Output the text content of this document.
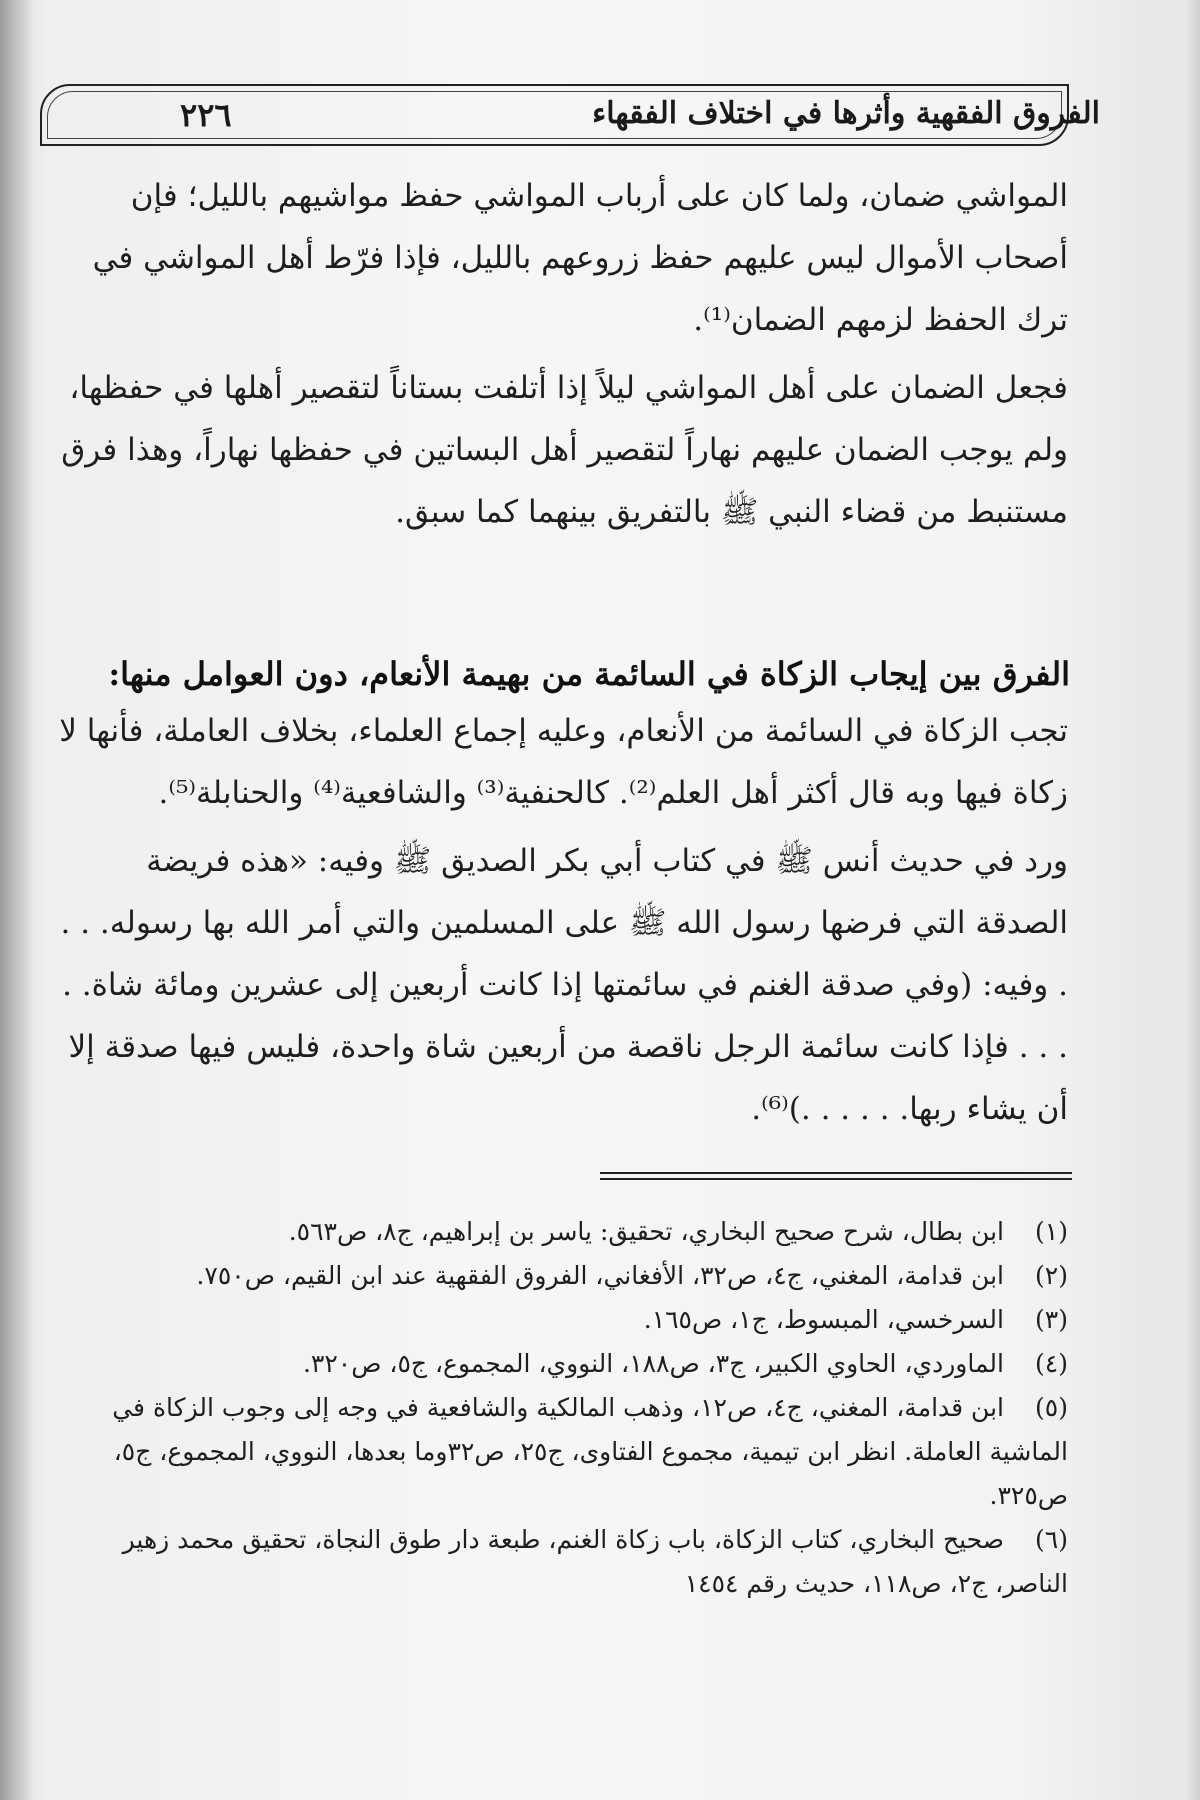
٢٢٦	الفروق الفقهية وأثرها في اختلاف الفقهاء

المواشي ضمان، ولما كان على أرباب المواشي حفظ مواشيهم بالليل؛ فإن أصحاب الأموال ليس عليهم حفظ زروعهم بالليل، فإذا فرّط أهل المواشي في ترك الحفظ لزمهم الضمان⁽¹⁾.

فجعل الضمان على أهل المواشي ليلاً إذا أتلفت بستاناً لتقصير أهلها في حفظها، ولم يوجب الضمان عليهم نهاراً لتقصير أهل البساتين في حفظها نهاراً، وهذا فرق مستنبط من قضاء النبي ﷺ بالتفريق بينهما كما سبق.

الفرق بين إيجاب الزكاة في السائمة من بهيمة الأنعام، دون العوامل منها:

تجب الزكاة في السائمة من الأنعام، وعليه إجماع العلماء، بخلاف العاملة، فأنها لا زكاة فيها وبه قال أكثر أهل العلم⁽²⁾. كالحنفية⁽³⁾ والشافعية⁽⁴⁾ والحنابلة⁽⁵⁾.

ورد في حديث أنس ﷺ في كتاب أبي بكر الصديق ﷺ وفيه: «هذه فريضة الصدقة التي فرضها رسول الله ﷺ على المسلمين والتي أمر الله بها رسوله. . . . وفيه: (وفي صدقة الغنم في سائمتها إذا كانت أربعين إلى عشرين ومائة شاة. . . . . فإذا كانت سائمة الرجل ناقصة من أربعين شاة واحدة، فليس فيها صدقة إلا أن يشاء ربها. . . . . .)⁽⁶⁾.

(١)ابن بطال، شرح صحيح البخاري، تحقيق: ياسر بن إبراهيم، ج٨، ص٥٦٣.
(٢)ابن قدامة، المغني، ج٤، ص٣٢، الأفغاني، الفروق الفقهية عند ابن القيم، ص٧٥٠.
(٣)السرخسي، المبسوط، ج١، ص١٦٥.
(٤)الماوردي، الحاوي الكبير، ج٣، ص١٨٨، النووي، المجموع، ج٥، ص٣٢٠.
(٥)ابن قدامة، المغني، ج٤، ص١٢، وذهب المالكية والشافعية في وجه إلى وجوب الزكاة في الماشية العاملة. انظر ابن تيمية، مجموع الفتاوى، ج٢٥، ص٣٢وما بعدها، النووي، المجموع، ج٥، ص٣٢٥.
(٦)صحيح البخاري، كتاب الزكاة، باب زكاة الغنم، طبعة دار طوق النجاة، تحقيق محمد زهير الناصر، ج٢، ص١١٨، حديث رقم ١٤٥٤
